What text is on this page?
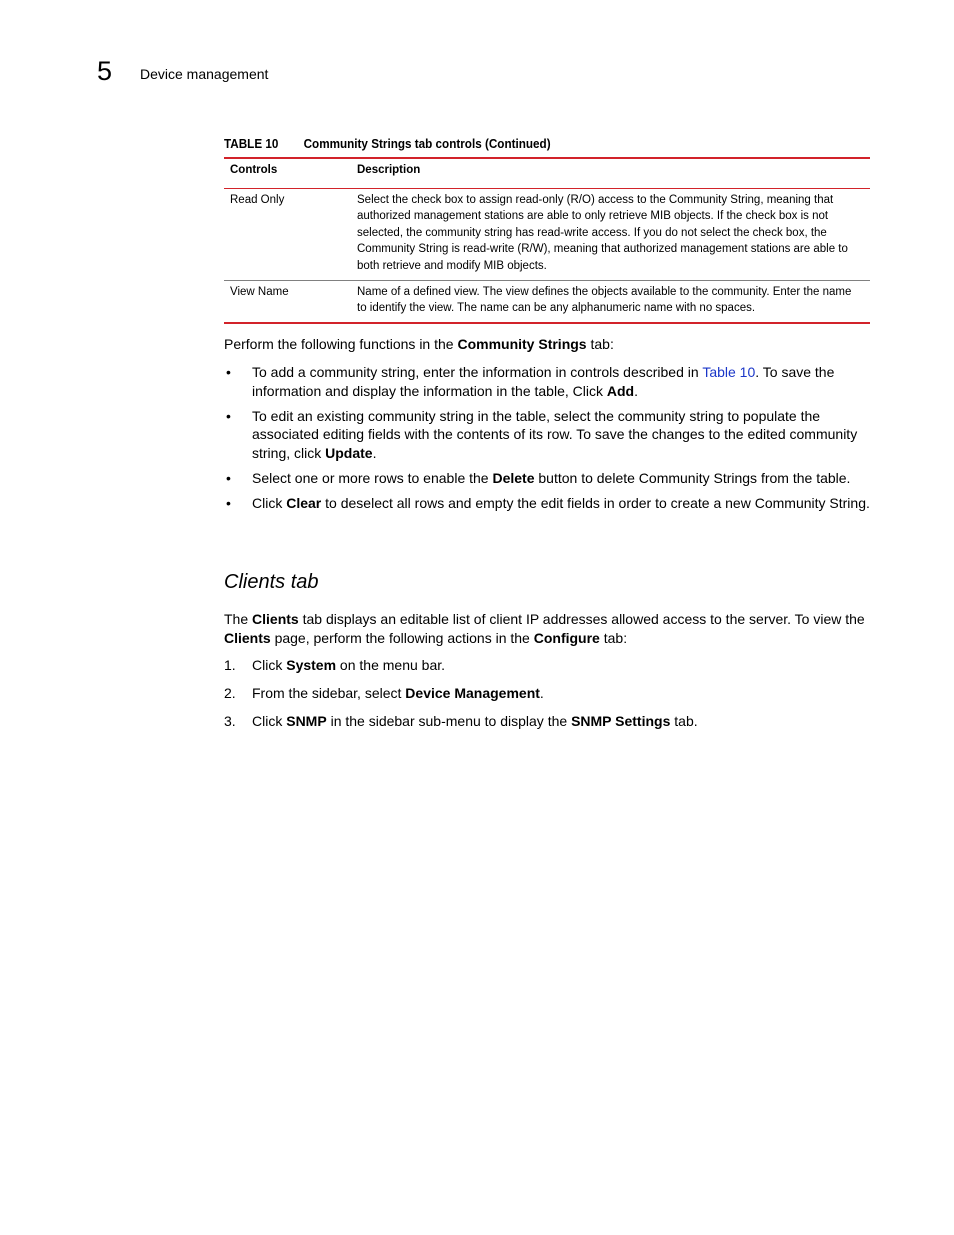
5 Device management
TABLE 10 Community Strings tab controls (Continued)
Controls	Description
Read Only	Select the check box to assign read-only (R/O) access to the Community String, meaning that authorized management stations are able to only retrieve MIB objects. If the check box is not selected, the community string has read-write access. If you do not select the check box, the Community String is read-write (R/W), meaning that authorized management stations are able to both retrieve and modify MIB objects.
View Name	Name of a defined view. The view defines the objects available to the community. Enter the name to identify the view. The name can be any alphanumeric name with no spaces.

Perform the following functions in the Community Strings tab:

• To add a community string, enter the information in controls described in Table 10. To save the information and display the information in the table, Click Add.
• To edit an existing community string in the table, select the community string to populate the associated editing fields with the contents of its row. To save the changes to the edited community string, click Update.
• Select one or more rows to enable the Delete button to delete Community Strings from the table.
• Click Clear to deselect all rows and empty the edit fields in order to create a new Community String.
Clients tab

The Clients tab displays an editable list of client IP addresses allowed access to the server. To view the Clients page, perform the following actions in the Configure tab:

1. Click System on the menu bar.
2. From the sidebar, select Device Management.
3. Click SNMP in the sidebar sub-menu to display the SNMP Settings tab.
